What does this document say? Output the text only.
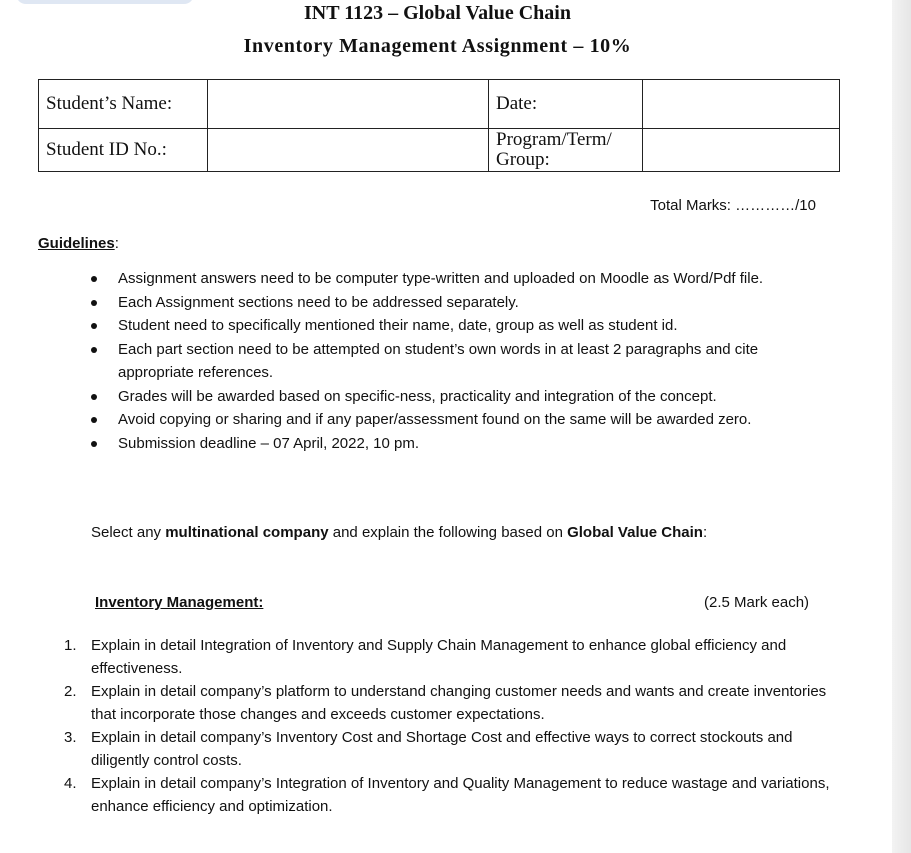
INT 1123 – Global Value Chain
Inventory Management Assignment – 10%
Student’s Name:		Date:	
Student ID No.:		Program/Term/ Group:	
Total Marks: …………/10
Guidelines:
Assignment answers need to be computer type-written and uploaded on Moodle as Word/Pdf file.
Each Assignment sections need to be addressed separately.
Student need to specifically mentioned their name, date, group as well as student id.
Each part section need to be attempted on student’s own words in at least 2 paragraphs and cite appropriate references.
Grades will be awarded based on specific-ness, practicality and integration of the concept.
Avoid copying or sharing and if any paper/assessment found on the same will be awarded zero.
Submission deadline – 07 April, 2022, 10 pm.
Select any multinational company and explain the following based on Global Value Chain:
Inventory Management:	(2.5 Mark each)
1. Explain in detail Integration of Inventory and Supply Chain Management to enhance global efficiency and effectiveness.
2. Explain in detail company’s platform to understand changing customer needs and wants and create inventories that incorporate those changes and exceeds customer expectations.
3. Explain in detail company’s Inventory Cost and Shortage Cost and effective ways to correct stockouts and diligently control costs.
4. Explain in detail company’s Integration of Inventory and Quality Management to reduce wastage and variations, enhance efficiency and optimization.
